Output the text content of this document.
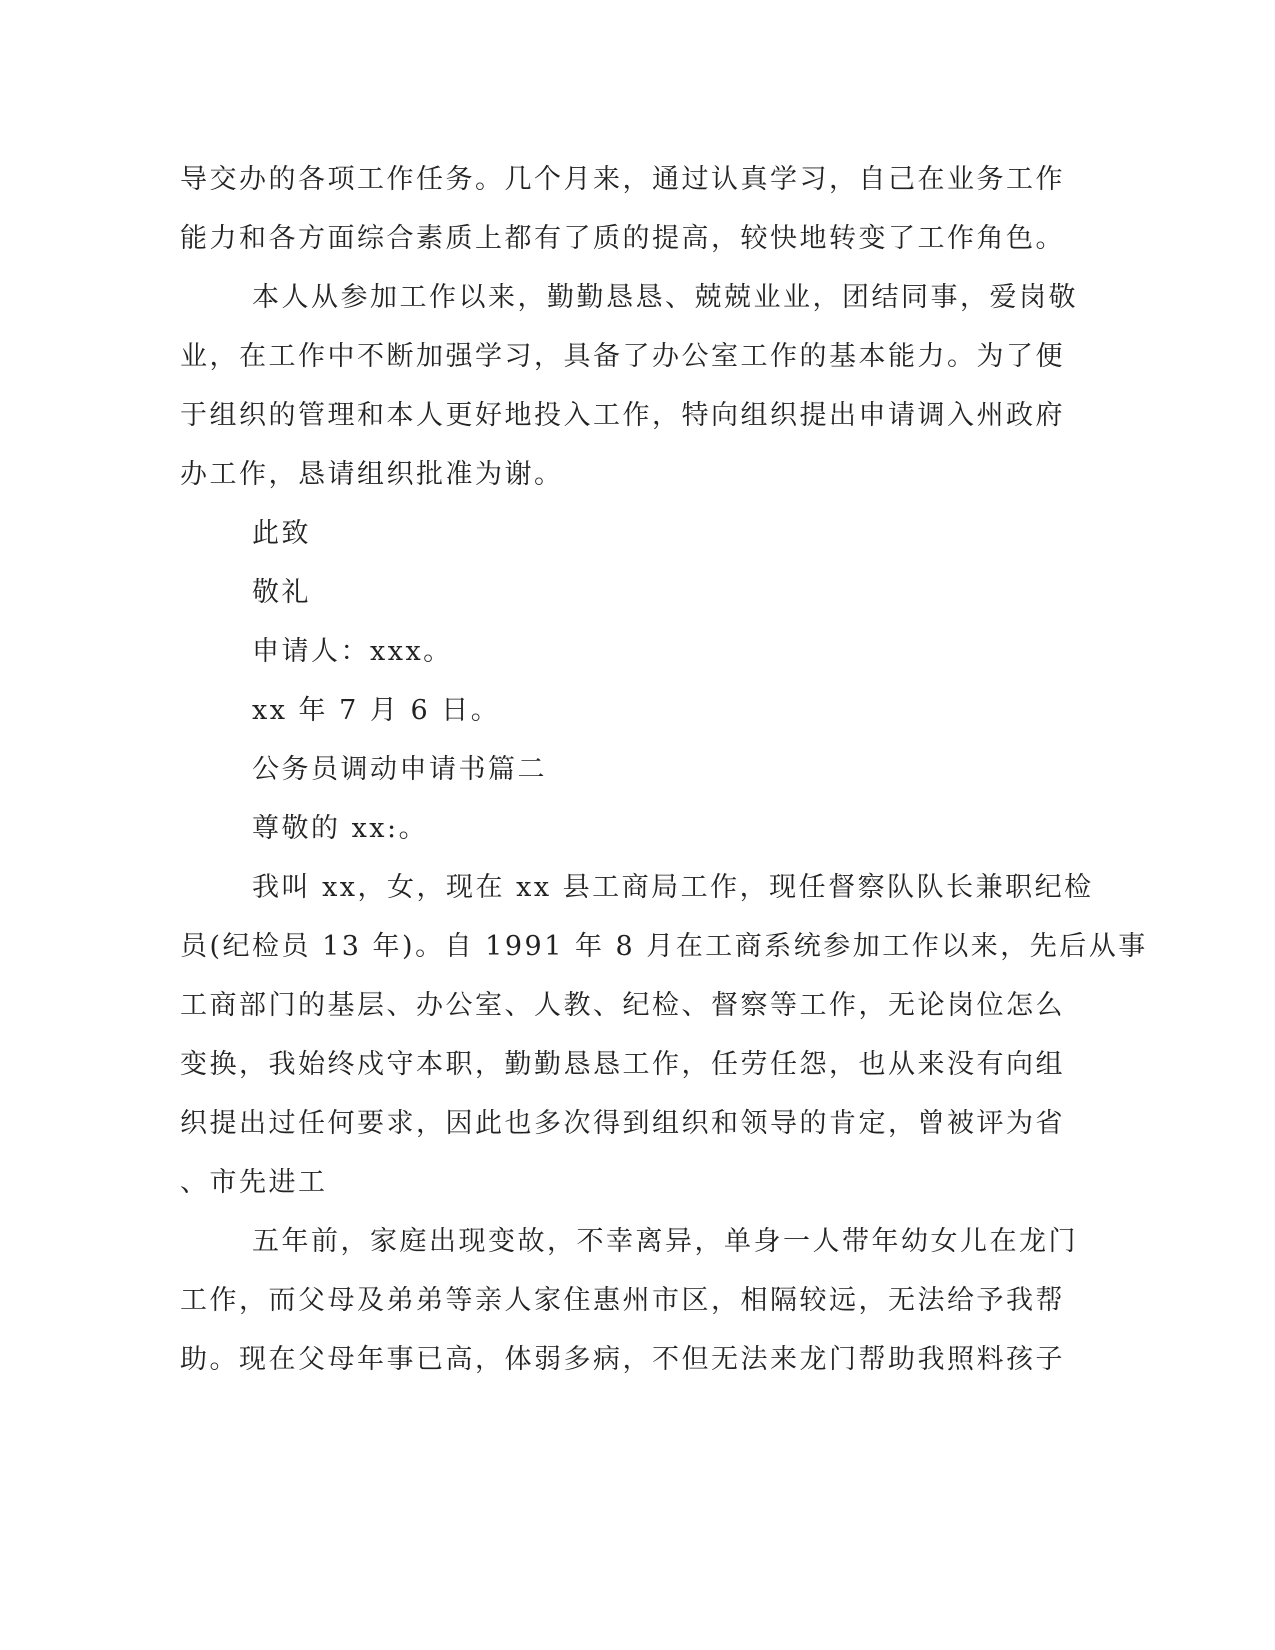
导交办的各项工作任务。几个月来，通过认真学习，自己在业务工作
能力和各方面综合素质上都有了质的提高，较快地转变了工作角色。
本人从参加工作以来，勤勤恳恳、兢兢业业，团结同事，爱岗敬
业，在工作中不断加强学习，具备了办公室工作的基本能力。为了便
于组织的管理和本人更好地投入工作，特向组织提出申请调入州政府
办工作，恳请组织批准为谢。
此致
敬礼
申请人：xxx。
xx 年 7 月 6 日。
公务员调动申请书篇二
尊敬的 xx:。
我叫 xx，女，现在 xx 县工商局工作，现任督察队队长兼职纪检
员(纪检员 13 年)。自 1991 年 8 月在工商系统参加工作以来，先后从事
工商部门的基层、办公室、人教、纪检、督察等工作，无论岗位怎么
变换，我始终戍守本职，勤勤恳恳工作，任劳任怨，也从来没有向组
织提出过任何要求，因此也多次得到组织和领导的肯定，曾被评为省
、市先进工
五年前，家庭出现变故，不幸离异，单身一人带年幼女儿在龙门
工作，而父母及弟弟等亲人家住惠州市区，相隔较远，无法给予我帮
助。现在父母年事已高，体弱多病，不但无法来龙门帮助我照料孩子
